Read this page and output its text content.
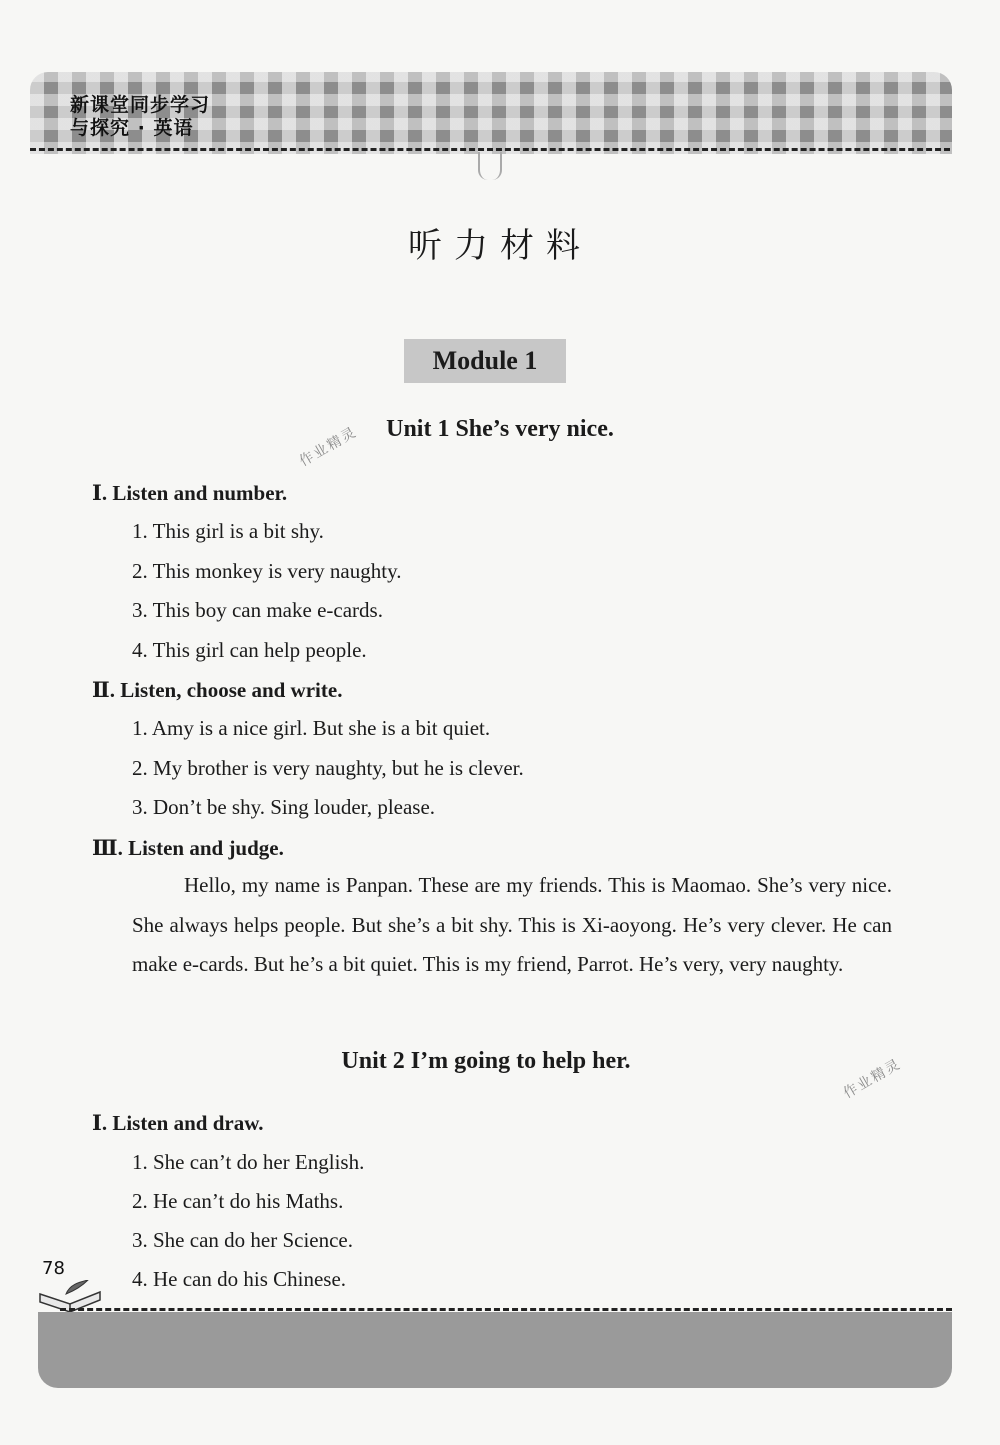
新课堂同步学习
与探究 · 英语
听力材料
Module 1
Unit 1 She’s very nice.
作业精灵
Ⅰ. Listen and number.
1. This girl is a bit shy.
2. This monkey is very naughty.
3. This boy can make e-cards.
4. This girl can help people.
Ⅱ. Listen, choose and write.
1. Amy is a nice girl. But she is a bit quiet.
2. My brother is very naughty, but he is clever.
3. Don’t be shy. Sing louder, please.
Ⅲ. Listen and judge.
Hello, my name is Panpan. These are my friends. This is Maomao. She’s very nice. She always helps people. But she’s a bit shy. This is Xi-aoyong. He’s very clever. He can make e-cards. But he’s a bit quiet. This is my friend, Parrot. He’s very, very naughty.
Unit 2 I’m going to help her.	作业精灵
Ⅰ. Listen and draw.
1. She can’t do her English.
2. He can’t do his Maths.
3. She can do her Science.
4. He can do his Chinese.
78
